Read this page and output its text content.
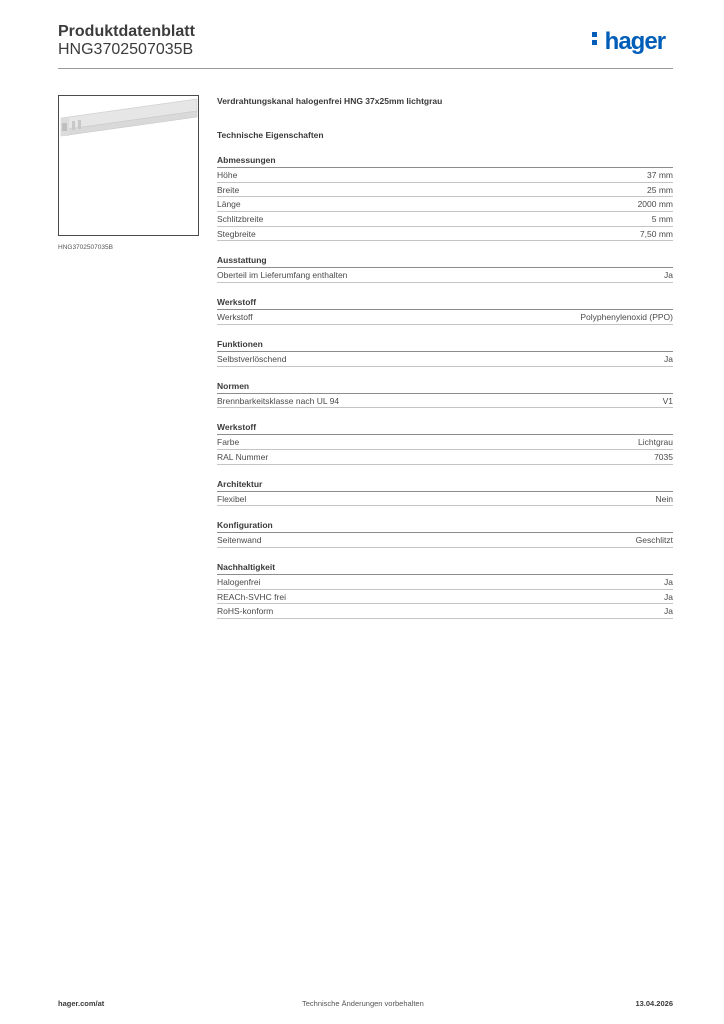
Produktdatenblatt
HNG3702507035B	hager
HNG3702507035B
Verdrahtungskanal halogenfrei HNG 37x25mm lichtgrau
Technische Eigenschaften
Abmessungen
Höhe	37 mm
Breite	25 mm
Länge	2000 mm
Schlitzbreite	5 mm
Stegbreite	7,50 mm
Ausstattung
Oberteil im Lieferumfang enthalten	Ja
Werkstoff
Werkstoff	Polyphenylenoxid (PPO)
Funktionen
Selbstverlöschend	Ja
Normen
Brennbarkeitsklasse nach UL 94	V1
Werkstoff
Farbe	Lichtgrau
RAL Nummer	7035
Architektur
Flexibel	Nein
Konfiguration
Seitenwand	Geschlitzt
Nachhaltigkeit
Halogenfrei	Ja
REACh-SVHC frei	Ja
RoHS-konform	Ja
hager.com/at	Technische Änderungen vorbehalten	13.04.2026
